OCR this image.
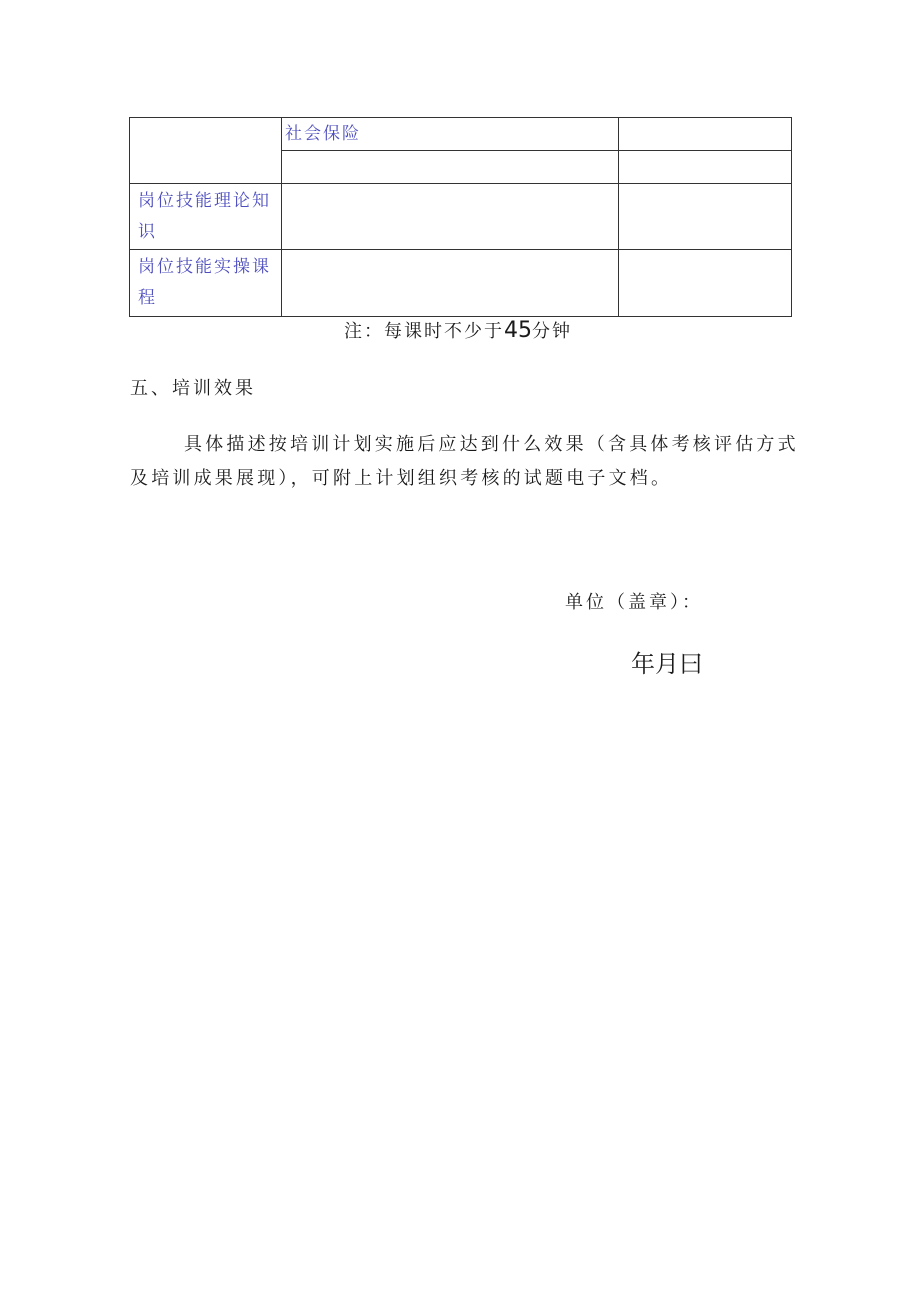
	社会保险	

岗位技能理论知识		

岗位技能实操课程		

注：每课时不少于45分钟
五、培训效果
具体描述按培训计划实施后应达到什么效果（含具体考核评估方式及培训成果展现），可附上计划组织考核的试题电子文档。
单位（盖章）：
年月曰
